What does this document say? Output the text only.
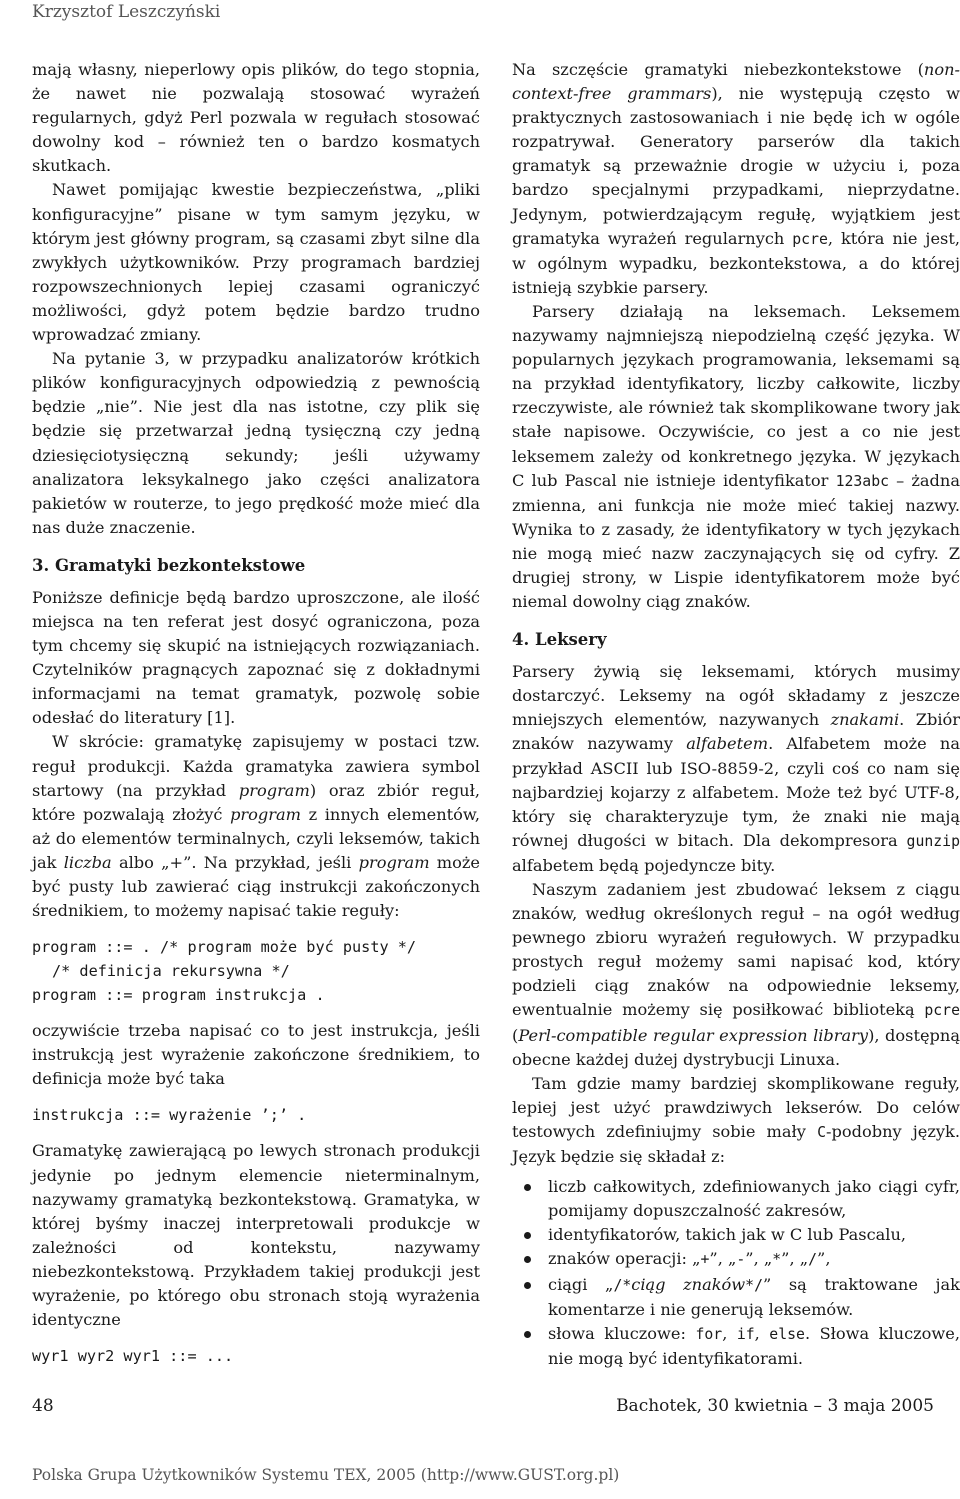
Krzysztof Leszczyński

mają własny, nieperlowy opis plików, do tego stopnia, że nawet nie pozwalają stosować wyrażeń regularnych, gdyż Perl pozwala w regułach stosować dowolny kod – również ten o bardzo kosmatych skutkach.

Nawet pomijając kwestie bezpieczeństwa, „pliki konfiguracyjne” pisane w tym samym języku, w którym jest główny program, są czasami zbyt silne dla zwykłych użytkowników. Przy programach bardziej rozpowszechnionych lepiej czasami ograniczyć możliwości, gdyż potem będzie bardzo trudno wprowadzać zmiany.

Na pytanie 3, w przypadku analizatorów krótkich plików konfiguracyjnych odpowiedzią z pewnością będzie „nie”. Nie jest dla nas istotne, czy plik się będzie się przetwarzał jedną tysięczną czy jedną dziesięciotysięczną sekundy; jeśli używamy analizatora leksykalnego jako części analizatora pakietów w routerze, to jego prędkość może mieć dla nas duże znaczenie.

3. Gramatyki bezkontekstowe

Poniższe definicje będą bardzo uproszczone, ale ilość miejsca na ten referat jest dosyć ograniczona, poza tym chcemy się skupić na istniejących rozwiązaniach. Czytelników pragnących zapoznać się z dokładnymi informacjami na temat gramatyk, pozwolę sobie odesłać do literatury [1].

W skrócie: gramatykę zapisujemy w postaci tzw. reguł produkcji. Każda gramatyka zawiera symbol startowy (na przykład program) oraz zbiór reguł, które pozwalają złożyć program z innych elementów, aż do elementów terminalnych, czyli leksemów, takich jak liczba albo „+”. Na przykład, jeśli program może być pusty lub zawierać ciąg instrukcji zakończonych średnikiem, to możemy napisać takie reguły:

program ::= . /* program może być pusty */
/* definicja rekursywna */
program ::= program instrukcja .

oczywiście trzeba napisać co to jest instrukcja, jeśli instrukcją jest wyrażenie zakończone średnikiem, to definicja może być taka

instrukcja ::= wyrażenie ’;’ .

Gramatykę zawierającą po lewych stronach produkcji jedynie po jednym elemencie nieterminalnym, nazywamy gramatyką bezkontekstową. Gramatyka, w której byśmy inaczej interpretowali produkcje w zależności od kontekstu, nazywamy niebezkontekstową. Przykładem takiej produkcji jest wyrażenie, po którego obu stronach stoją wyrażenia identyczne

wyr1 wyr2 wyr1 ::= ...

Na szczęście gramatyki niebezkontekstowe (non-context-free grammars), nie występują często w praktycznych zastosowaniach i nie będę ich w ogóle rozpatrywał. Generatory parserów dla takich gramatyk są przeważnie drogie w użyciu i, poza bardzo specjalnymi przypadkami, nieprzydatne. Jedynym, potwierdzającym regułę, wyjątkiem jest gramatyka wyrażeń regularnych pcre, która nie jest, w ogólnym wypadku, bezkontekstowa, a do której istnieją szybkie parsery.

Parsery działają na leksemach. Leksemem nazywamy najmniejszą niepodzielną część języka. W popularnych językach programowania, leksemami są na przykład identyfikatory, liczby całkowite, liczby rzeczywiste, ale również tak skomplikowane twory jak stałe napisowe. Oczywiście, co jest a co nie jest leksemem zależy od konkretnego języka. W językach C lub Pascal nie istnieje identyfikator 123abc – żadna zmienna, ani funkcja nie może mieć takiej nazwy. Wynika to z zasady, że identyfikatory w tych językach nie mogą mieć nazw zaczynających się od cyfry. Z drugiej strony, w Lispie identyfikatorem może być niemal dowolny ciąg znaków.

4. Leksery

Parsery żywią się leksemami, których musimy dostarczyć. Leksemy na ogół składamy z jeszcze mniejszych elementów, nazywanych znakami. Zbiór znaków nazywamy alfabetem. Alfabetem może na przykład ASCII lub ISO-8859-2, czyli coś co nam się najbardziej kojarzy z alfabetem. Może też być UTF-8, który się charakteryzuje tym, że znaki nie mają równej długości w bitach. Dla dekompresora gunzip alfabetem będą pojedyncze bity.

Naszym zadaniem jest zbudować leksem z ciągu znaków, według określonych reguł – na ogół według pewnego zbioru wyrażeń regułowych. W przypadku prostych reguł możemy sami napisać kod, który podzieli ciąg znaków na odpowiednie leksemy, ewentualnie możemy się posiłkować biblioteką pcre (Perl-compatible regular expression library), dostępną obecne każdej dużej dystrybucji Linuxa.

Tam gdzie mamy bardziej skomplikowane reguły, lepiej jest użyć prawdziwych lekserów. Do celów testowych zdefiniujmy sobie mały C-podobny język. Język będzie się składał z:

liczb całkowitych, zdefiniowanych jako ciągi cyfr, pomijamy dopuszczalność zakresów,
identyfikatorów, takich jak w C lub Pascalu,
znaków operacji: „+”, „-”, „*”, „/”,
ciągi „/*ciąg znaków*/” są traktowane jak komentarze i nie generują leksemów.
słowa kluczowe: for, if, else. Słowa kluczowe, nie mogą być identyfikatorami.
48	Bachotek, 30 kwietnia – 3 maja 2005
Polska Grupa Użytkowników Systemu TEX, 2005 (http://www.GUST.org.pl)
